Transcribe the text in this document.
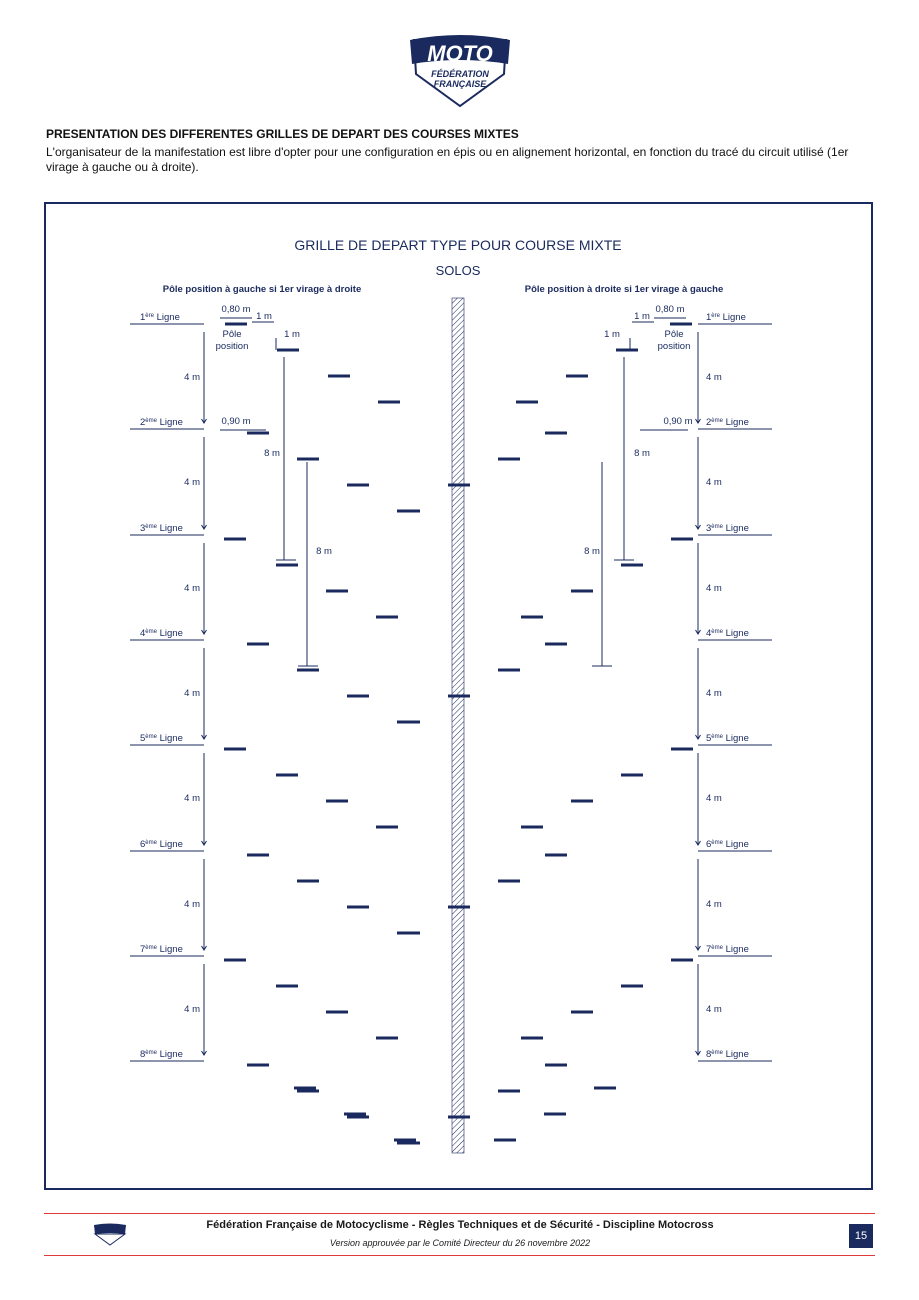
MOTO
FÉDÉRATION
FRANÇAISE
PRESENTATION DES DIFFERENTES GRILLES DE DEPART DES COURSES MIXTES
L'organisateur de la manifestation est libre d'opter pour une configuration en épis ou en alignement horizontal, en fonction du tracé du circuit utilisé (1er virage à gauche ou à droite).
GRILLE DE DEPART TYPE POUR COURSE MIXTE
SOLOS
Pôle position à gauche si 1er virage à droite	Pôle position à droite si 1er virage à gauche
1ère Ligne
4 m
2ème Ligne
4 m
3ème Ligne
4 m
4ème Ligne
4 m
5ème Ligne
4 m
6ème Ligne
4 m
7ème Ligne
4 m
8ème Ligne
0,80 m
1 m
1 m
Pôle
position
0,90 m
8 m
8 m
1ère Ligne
4 m
2ème Ligne
4 m
3ème Ligne
4 m
4ème Ligne
4 m
5ème Ligne
4 m
6ème Ligne
4 m
7ème Ligne
4 m
8ème Ligne
0,80 m
1 m
1 m	Pôle
position
0,90 m
8 m
8 m
Fédération Française de Motocyclisme - Règles Techniques et de Sécurité - Discipline Motocross
Version approuvée par le Comité Directeur du 26 novembre 2022
15
